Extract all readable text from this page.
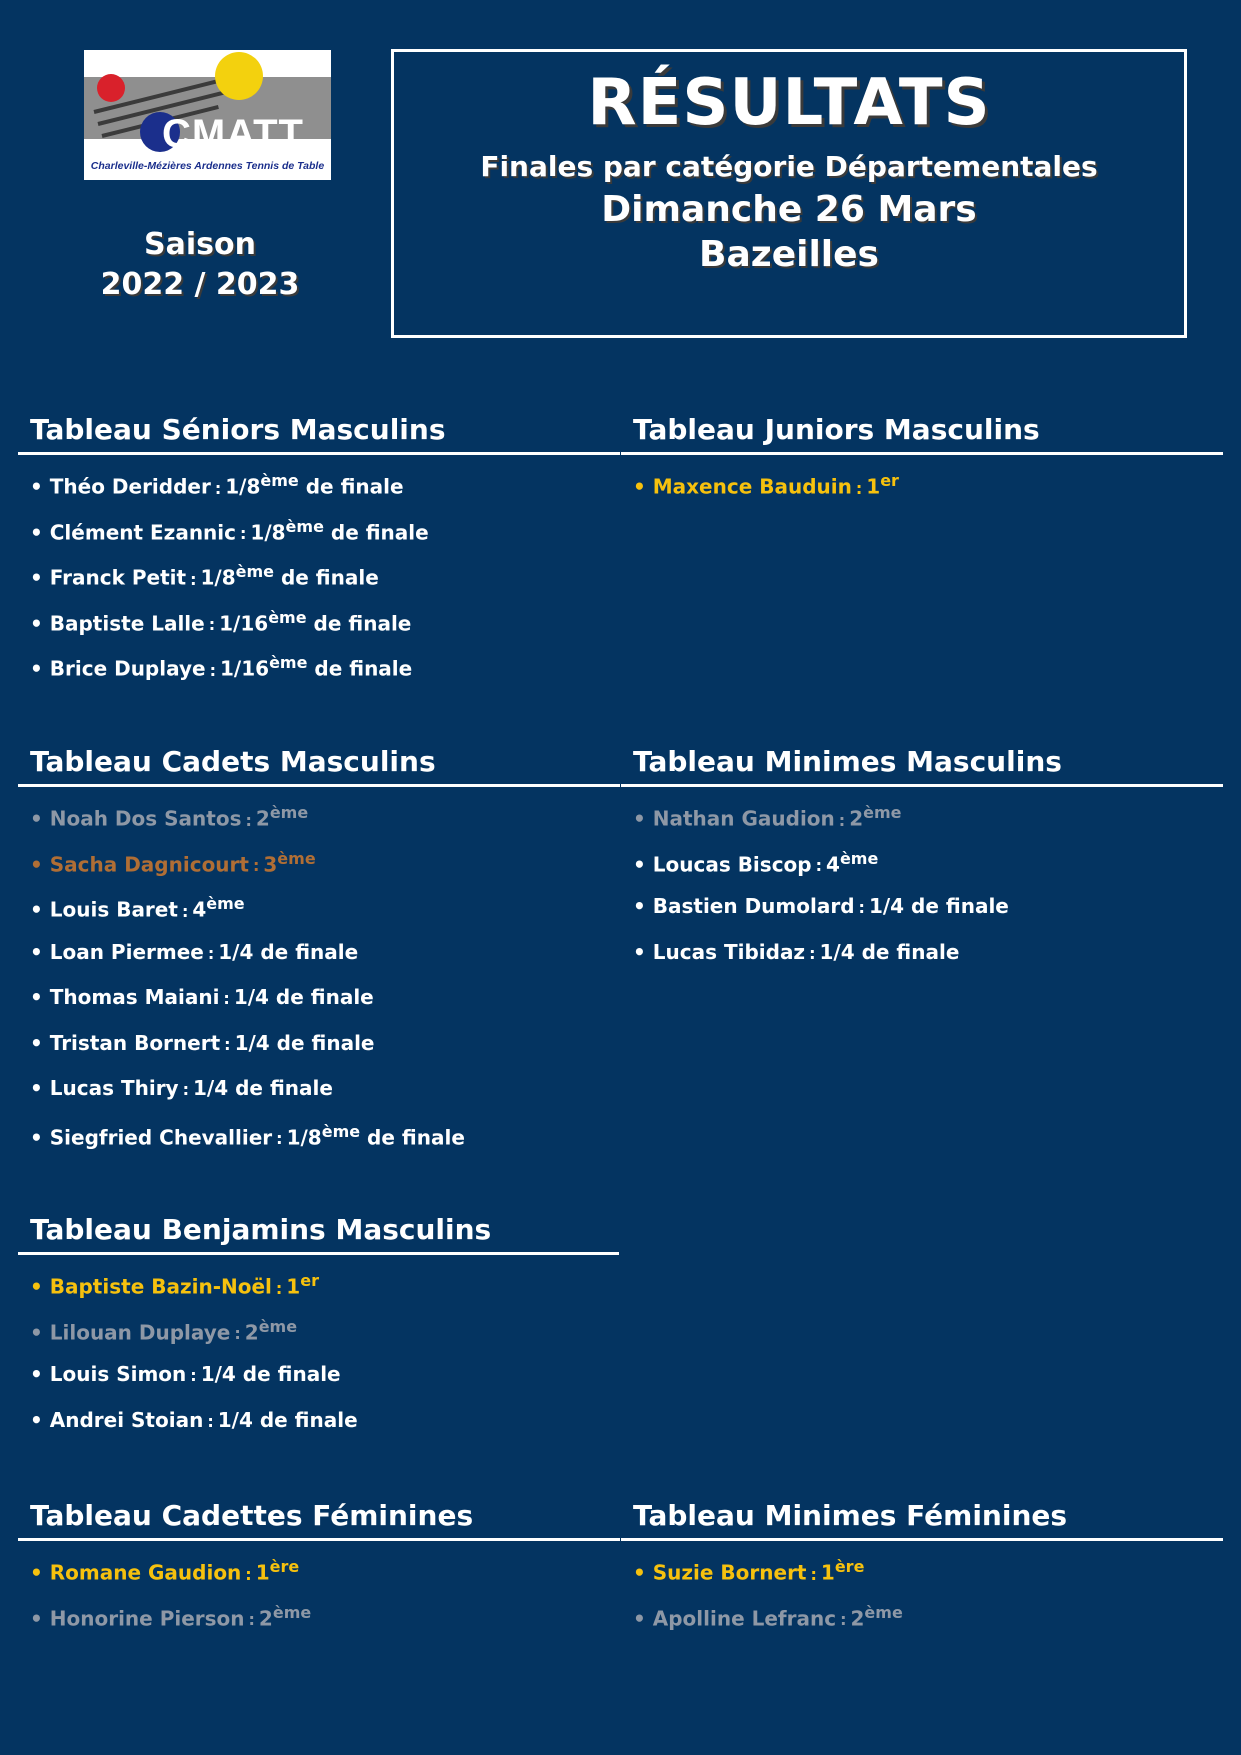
CMATT
Charleville-Mézières Ardennes Tennis de Table
Saison
2022 / 2023
RÉSULTATS
Finales par catégorie Départementales
Dimanche 26 Mars
Bazeilles
Tableau Séniors Masculins
• Théo Deridder : 1/8ème de finale
• Clément Ezannic : 1/8ème de finale
• Franck Petit : 1/8ème de finale
• Baptiste Lalle : 1/16ème de finale
• Brice Duplaye : 1/16ème de finale
Tableau Juniors Masculins
• Maxence Bauduin : 1er
Tableau Cadets Masculins
• Noah Dos Santos : 2ème
• Sacha Dagnicourt : 3ème
• Louis Baret : 4ème
• Loan Piermee : 1/4 de finale
• Thomas Maiani : 1/4 de finale
• Tristan Bornert : 1/4 de finale
• Lucas Thiry : 1/4 de finale
• Siegfried Chevallier : 1/8ème de finale
Tableau Minimes Masculins
• Nathan Gaudion : 2ème
• Loucas Biscop : 4ème
• Bastien Dumolard : 1/4 de finale
• Lucas Tibidaz : 1/4 de finale
Tableau Benjamins Masculins
• Baptiste Bazin-Noël : 1er
• Lilouan Duplaye : 2ème
• Louis Simon : 1/4 de finale
• Andrei Stoian : 1/4 de finale
Tableau Cadettes Féminines
• Romane Gaudion : 1ère
• Honorine Pierson : 2ème
Tableau Minimes Féminines
• Suzie Bornert : 1ère
• Apolline Lefranc : 2ème
